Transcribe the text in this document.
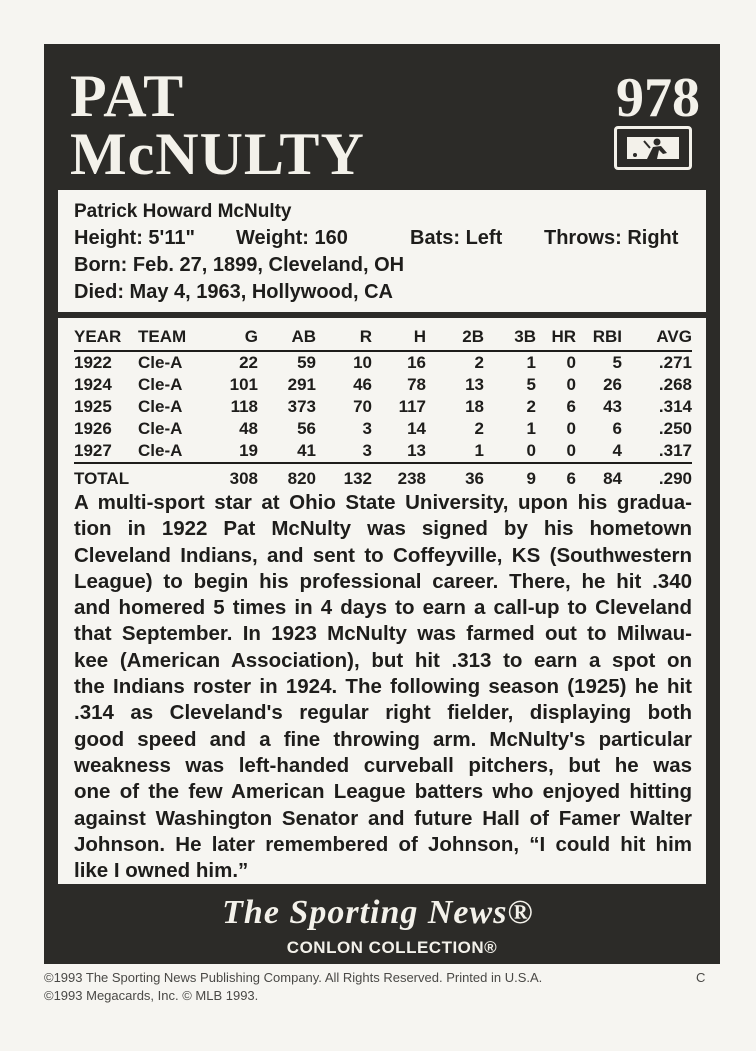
PAT
McNULTY
978
Patrick Howard McNulty
Height: 5'11" Weight: 160	Bats: Left Throws: Right
Born: Feb. 27, 1899, Cleveland, OH
Died: May 4, 1963, Hollywood, CA
YEAR	TEAM	G	AB	R	H	2B	3B	HR	RBI	AVG
1922	Cle-A	22	59	10	16	2	1	0	5	.271
1924	Cle-A	101	291	46	78	13	5	0	26	.268
1925	Cle-A	118	373	70	117	18	2	6	43	.314
1926	Cle-A	48	56	3	14	2	1	0	6	.250
1927	Cle-A	19	41	3	13	1	0	0	4	.317
TOTAL		308	820	132	238	36	9	6	84	.290
A multi-sport star at Ohio State University, upon his gradua-
tion in 1922 Pat McNulty was signed by his hometown
Cleveland Indians, and sent to Coffeyville, KS (Southwestern
League) to begin his professional career. There, he hit .340
and homered 5 times in 4 days to earn a call-up to Cleveland
that September. In 1923 McNulty was farmed out to Milwau-
kee (American Association), but hit .313 to earn a spot on
the Indians roster in 1924. The following season (1925) he hit
.314 as Cleveland's regular right fielder, displaying both
good speed and a fine throwing arm. McNulty's particular
weakness was left-handed curveball pitchers, but he was
one of the few American League batters who enjoyed hitting
against Washington Senator and future Hall of Famer Walter
Johnson. He later remembered of Johnson, “I could hit him
like I owned him.”
The Sporting News®
CONLON COLLECTION®
©1993 The Sporting News Publishing Company. All Rights Reserved. Printed in U.S.A.
©1993 Megacards, Inc. © MLB 1993.
C
